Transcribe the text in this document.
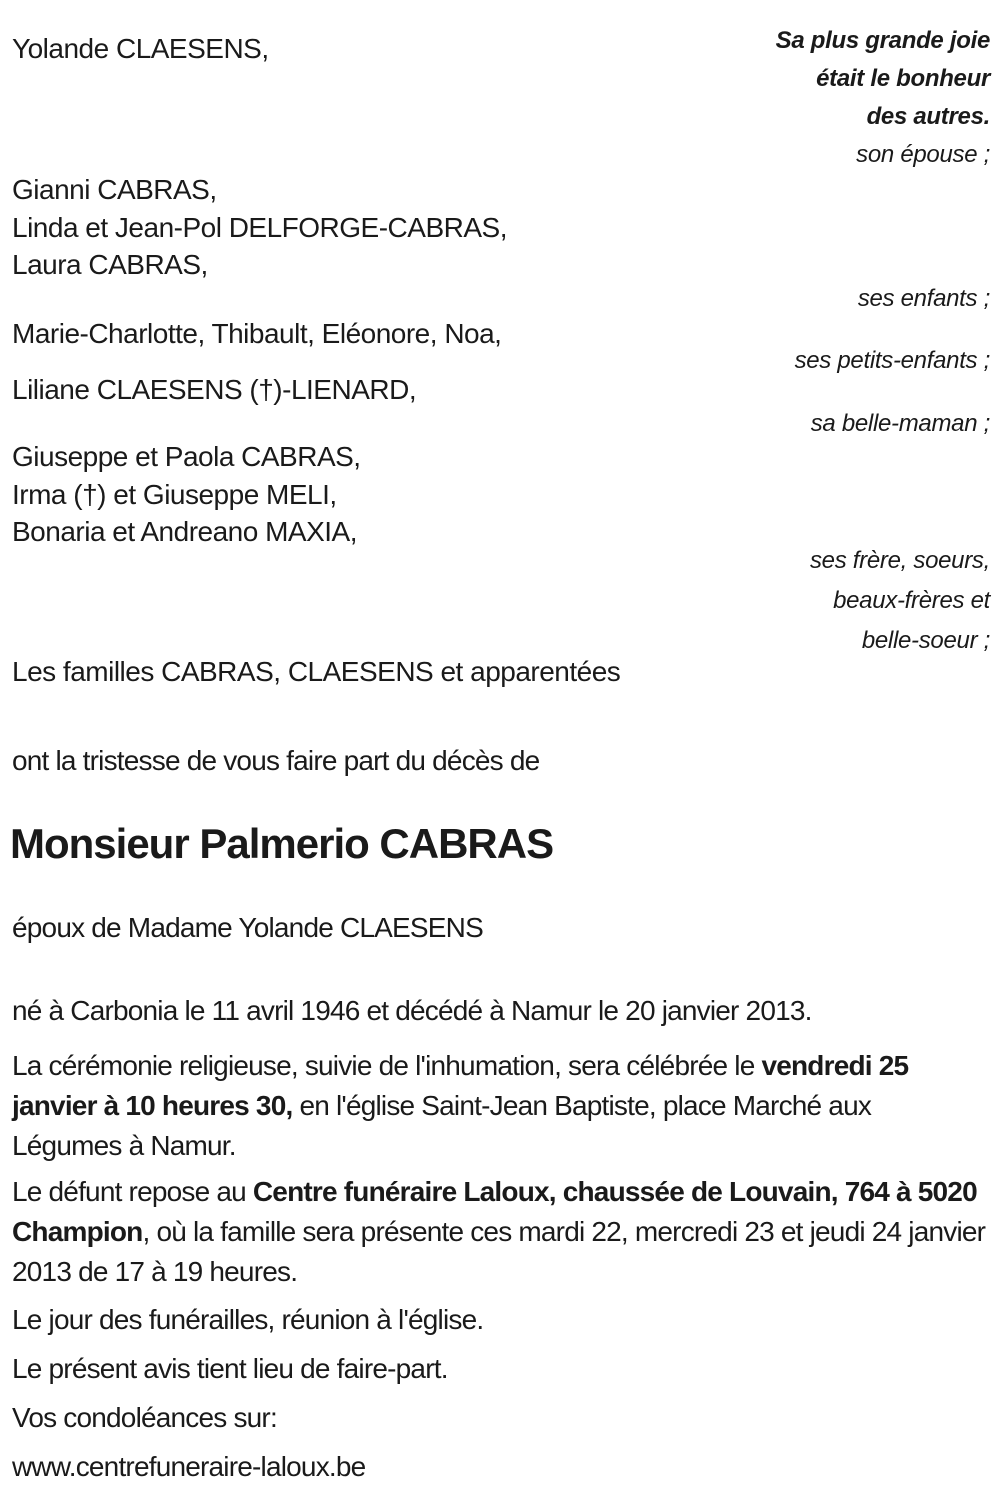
Yolande CLAESENS,	Sa plus grande joie
était le bonheur
des autres.
son épouse ;
Gianni CABRAS,
Linda et Jean-Pol DELFORGE-CABRAS,
Laura CABRAS,
ses enfants ;
Marie-Charlotte, Thibault, Eléonore, Noa,
ses petits-enfants ;
Liliane CLAESENS (†)-LIENARD,
sa belle-maman ;
Giuseppe et Paola CABRAS,
Irma (†) et Giuseppe MELI,
Bonaria et Andreano MAXIA,
ses frère, soeurs,
beaux-frères et
belle-soeur ;
Les familles CABRAS, CLAESENS et apparentées
ont la tristesse de vous faire part du décès de
Monsieur Palmerio CABRAS
époux de Madame Yolande CLAESENS
né à Carbonia le 11 avril 1946 et décédé à Namur le 20 janvier 2013.
La cérémonie religieuse, suivie de l'inhumation, sera célébrée le vendredi 25 janvier à 10 heures 30, en l'église Saint-Jean Baptiste, place Marché aux Légumes à Namur.
Le défunt repose au Centre funéraire Laloux, chaussée de Louvain, 764 à 5020 Champion, où la famille sera présente ces mardi 22, mercredi 23 et jeudi 24 janvier 2013 de 17 à 19 heures.
Le jour des funérailles, réunion à l'église.
Le présent avis tient lieu de faire-part.
Vos condoléances sur:
www.centrefuneraire-laloux.be
